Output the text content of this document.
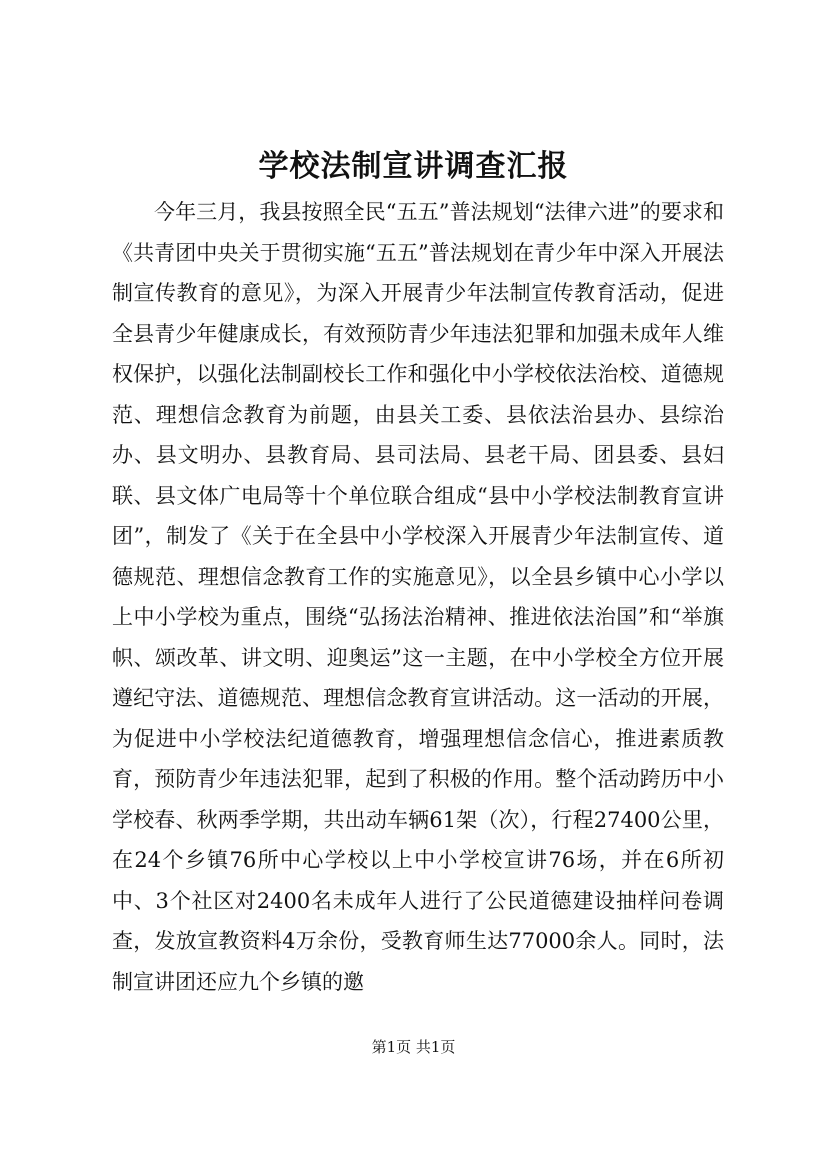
学校法制宣讲调查汇报

今年三月，我县按照全民“五五”普法规划“法律六进”的要求和《共青团中央关于贯彻实施“五五”普法规划在青少年中深入开展法制宣传教育的意见》，为深入开展青少年法制宣传教育活动，促进全县青少年健康成长，有效预防青少年违法犯罪和加强未成年人维权保护，以强化法制副校长工作和强化中小学校依法治校、道德规范、理想信念教育为前题，由县关工委、县依法治县办、县综治办、县文明办、县教育局、县司法局、县老干局、团县委、县妇联、县文体广电局等十个单位联合组成“县中小学校法制教育宣讲团”，制发了《关于在全县中小学校深入开展青少年法制宣传、道德规范、理想信念教育工作的实施意见》，以全县乡镇中心小学以上中小学校为重点，围绕“弘扬法治精神、推进依法治国”和“举旗帜、颂改革、讲文明、迎奥运”这一主题，在中小学校全方位开展遵纪守法、道德规范、理想信念教育宣讲活动。这一活动的开展，为促进中小学校法纪道德教育，增强理想信念信心，推进素质教育，预防青少年违法犯罪，起到了积极的作用。整个活动跨历中小学校春、秋两季学期，共出动车辆61架（次），行程27400公里，在24个乡镇76所中心学校以上中小学校宣讲76场，并在6所初中、3个社区对2400名未成年人进行了公民道德建设抽样问卷调查，发放宣教资料4万余份，受教育师生达77000余人。同时，法制宣讲团还应九个乡镇的邀

第1页 共1页
